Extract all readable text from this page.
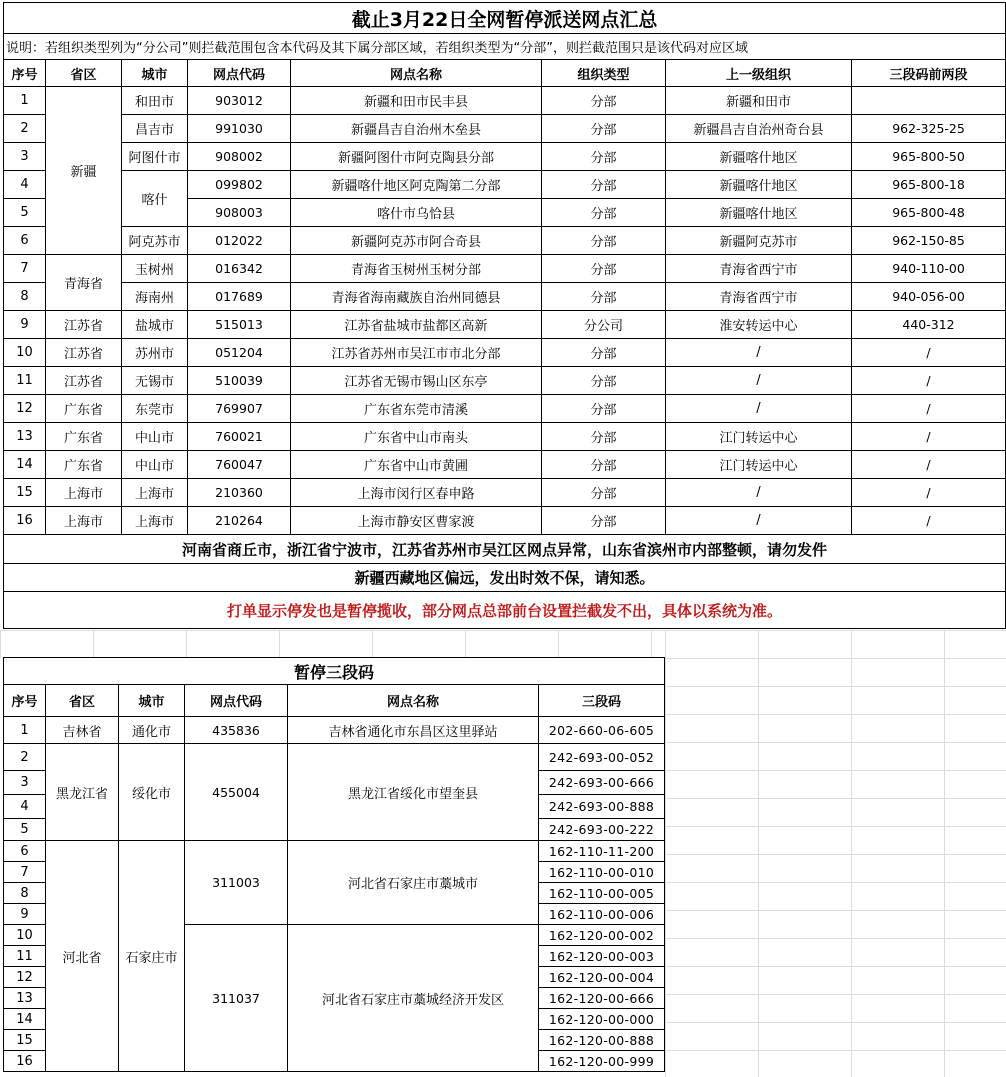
截止3月22日全网暂停派送网点汇总							
说明：若组织类型列为“分公司”则拦截范围包含本代码及其下属分部区域，若组织类型为“分部”，则拦截范围只是该代码对应区域							
序号	省区	城市	网点代码	网点名称	组织类型	上一级组织	三段码前两段
1	新疆	和田市	903012	新疆和田市民丰县	分部	新疆和田市	
2		昌吉市	991030	新疆昌吉自治州木垒县	分部	新疆昌吉自治州奇台县	962-325-25
3		阿图什市	908002	新疆阿图什市阿克陶县分部	分部	新疆喀什地区	965-800-50
4		喀什	099802	新疆喀什地区阿克陶第二分部	分部	新疆喀什地区	965-800-18
5			908003	喀什市乌恰县	分部	新疆喀什地区	965-800-48
6		阿克苏市	012022	新疆阿克苏市阿合奇县	分部	新疆阿克苏市	962-150-85
7	青海省	玉树州	016342	青海省玉树州玉树分部	分部	青海省西宁市	940-110-00
8		海南州	017689	青海省海南藏族自治州同德县	分部	青海省西宁市	940-056-00
9	江苏省	盐城市	515013	江苏省盐城市盐都区高新	分公司	淮安转运中心	440-312
10	江苏省	苏州市	051204	江苏省苏州市吴江市市北分部	分部	/	/
11	江苏省	无锡市	510039	江苏省无锡市锡山区东亭	分部	/	/
12	广东省	东莞市	769907	广东省东莞市清溪	分部	/	/
13	广东省	中山市	760021	广东省中山市南头	分部	江门转运中心	/
14	广东省	中山市	760047	广东省中山市黄圃	分部	江门转运中心	/
15	上海市	上海市	210360	上海市闵行区春申路	分部	/	/
16	上海市	上海市	210264	上海市静安区曹家渡	分部	/	/
河南省商丘市，浙江省宁波市，江苏省苏州市吴江区网点异常，山东省滨州市内部整顿，请勿发件							
新疆西藏地区偏远，发出时效不保，请知悉。							
打单显示停发也是暂停揽收，部分网点总部前台设置拦截发不出，具体以系统为准。							
暂停三段码					
序号	省区	城市	网点代码	网点名称	三段码
1	吉林省	通化市	435836	吉林省通化市东昌区这里驿站	202-660-06-605
2	黑龙江省	绥化市	455004	黑龙江省绥化市望奎县	242-693-00-052
3					242-693-00-666
4					242-693-00-888
5					242-693-00-222
6	河北省	石家庄市	311003	河北省石家庄市藁城市	162-110-11-200
7					162-110-00-010
8					162-110-00-005
9					162-110-00-006
10			311037	河北省石家庄市藁城经济开发区	162-120-00-002
11					162-120-00-003
12					162-120-00-004
13					162-120-00-666
14					162-120-00-000
15					162-120-00-888
16					162-120-00-999
